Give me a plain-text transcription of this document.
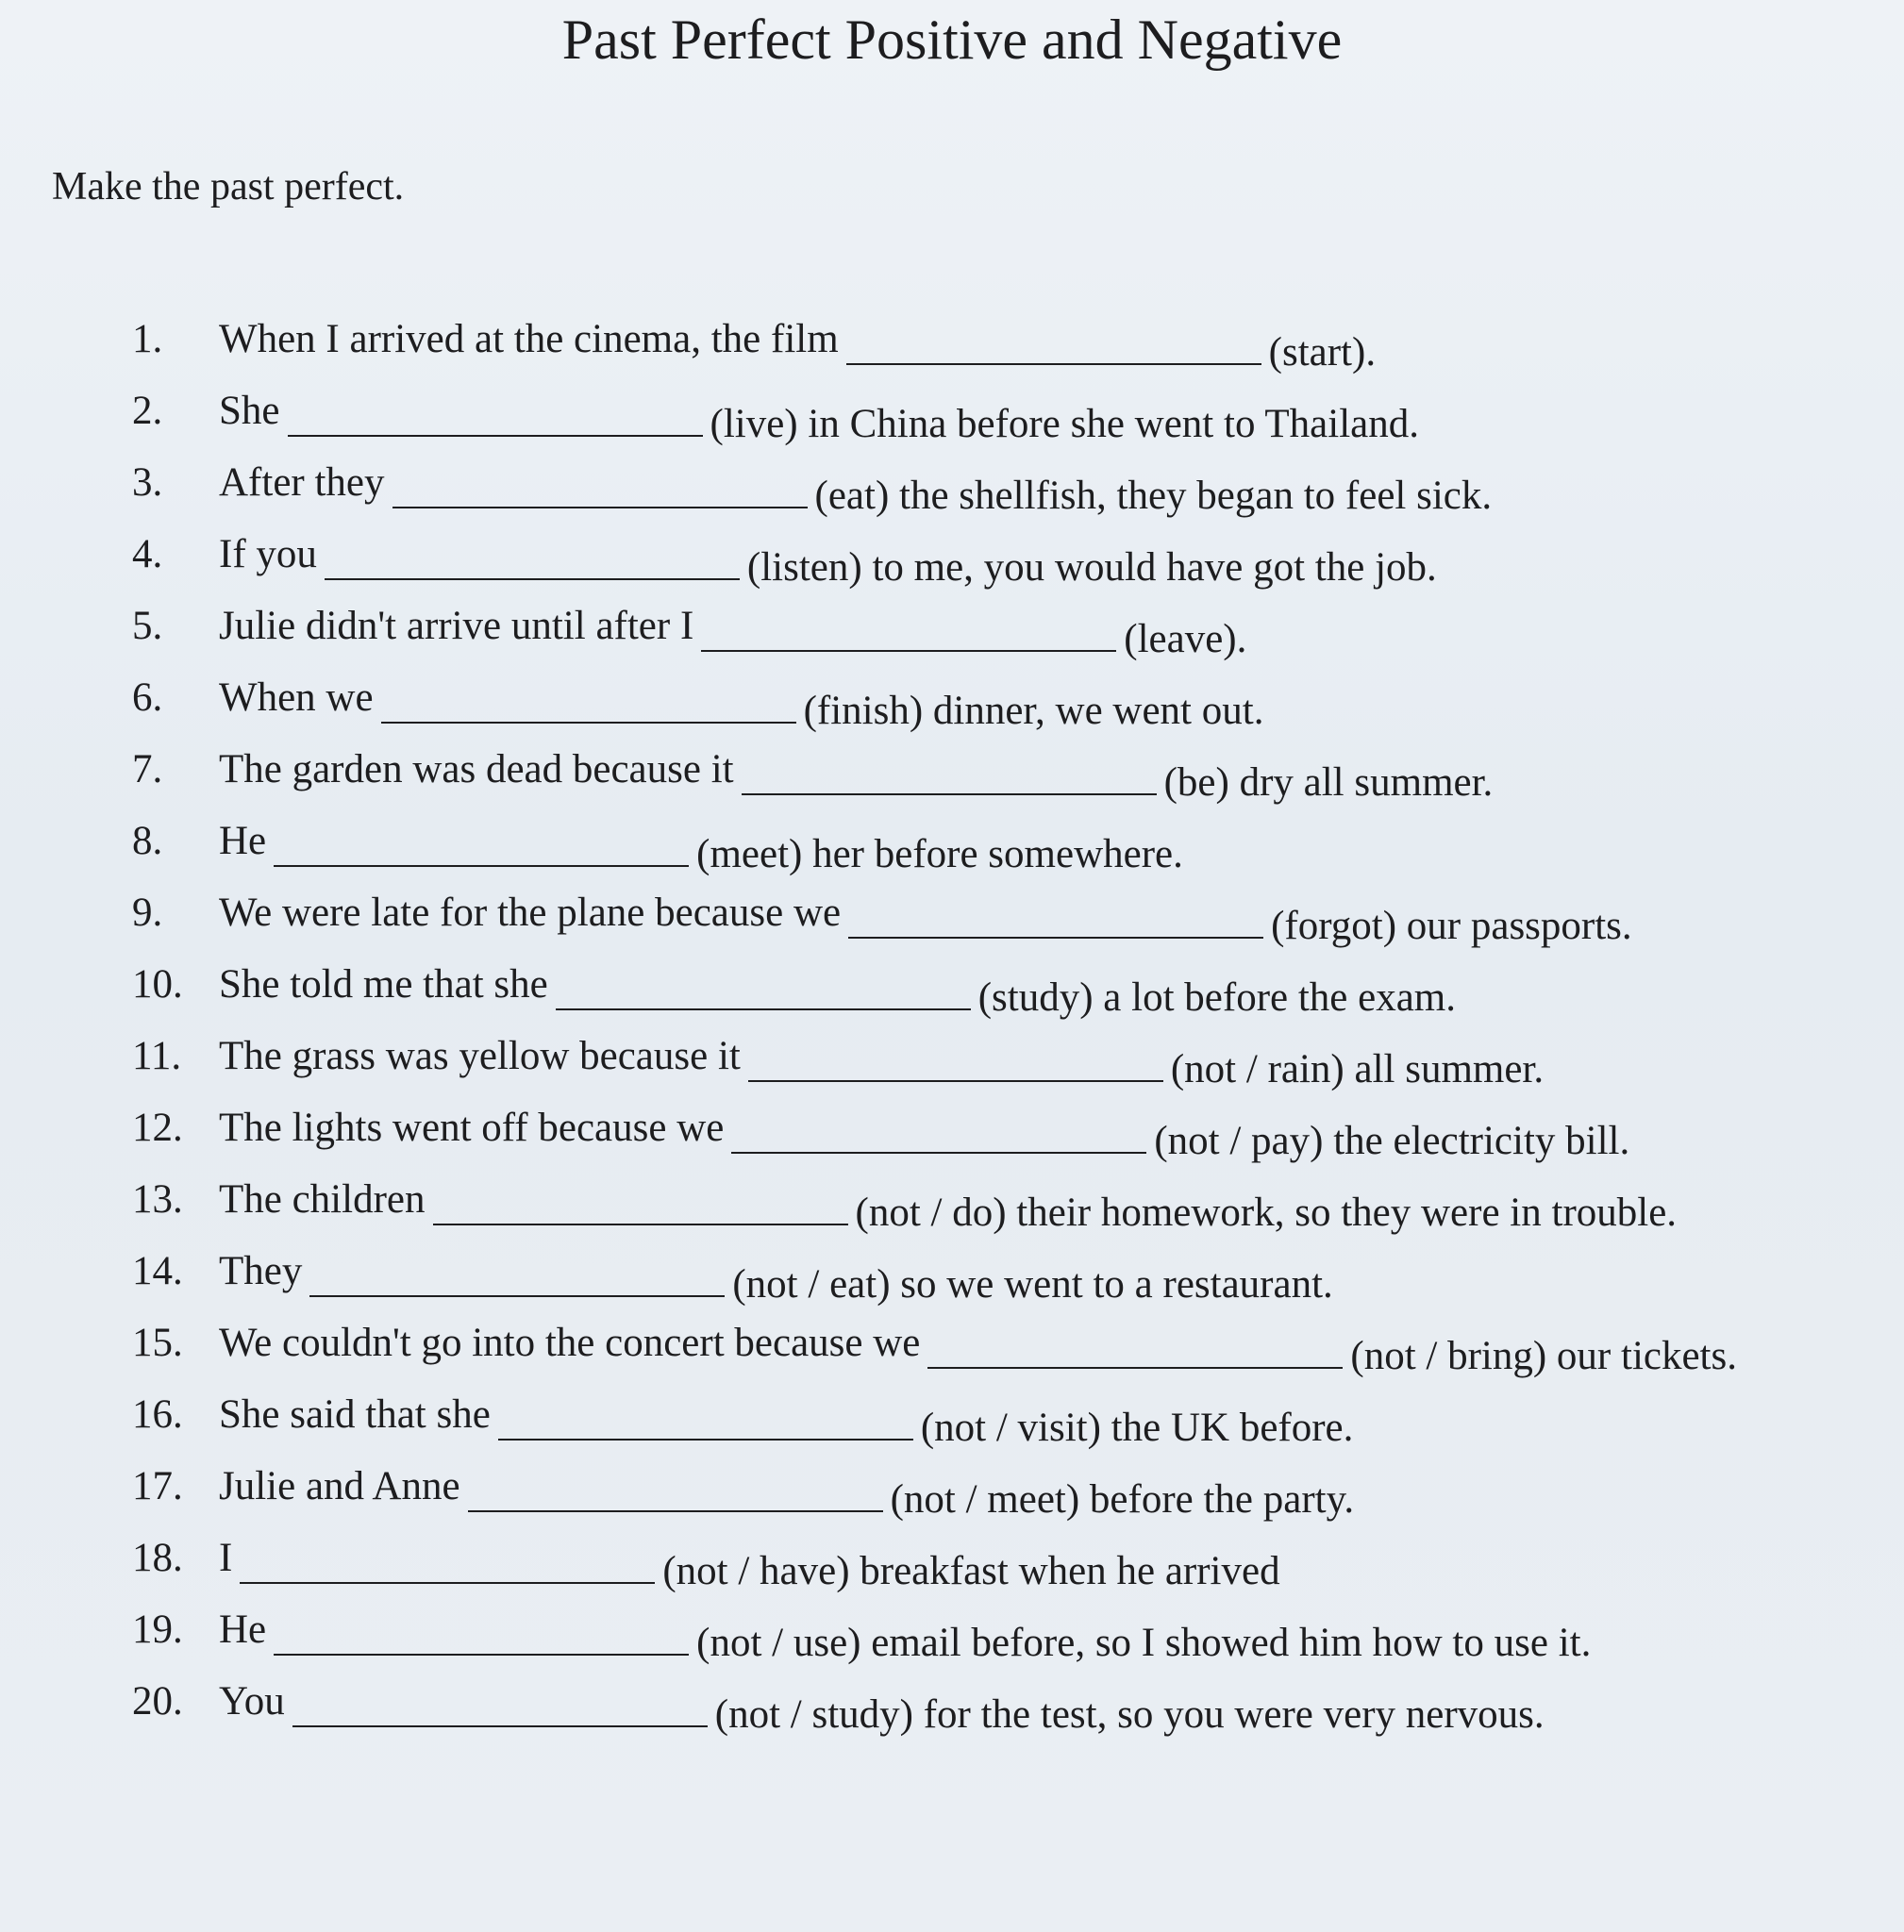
Past Perfect Positive and Negative
Make the past perfect.
1. When I arrived at the cinema, the film	(start).
2. She	(live) in China before she went to Thailand.
3. After they	(eat) the shellfish, they began to feel sick.
4. If you	(listen) to me, you would have got the job.
5. Julie didn't arrive until after I	(leave).
6. When we	(finish) dinner, we went out.
7. The garden was dead because it	(be) dry all summer.
8. He	(meet) her before somewhere.
9. We were late for the plane because we	(forgot) our passports.
10. She told me that she	(study) a lot before the exam.
11. The grass was yellow because it	(not / rain) all summer.
12. The lights went off because we	(not / pay) the electricity bill.
13. The children	(not / do) their homework, so they were in trouble.
14. They	(not / eat) so we went to a restaurant.
15. We couldn't go into the concert because we	(not / bring) our tickets.
16. She said that she	(not / visit) the UK before.
17. Julie and Anne	(not / meet) before the party.
18. I	(not / have) breakfast when he arrived
19. He	(not / use) email before, so I showed him how to use it.
20. You	(not / study) for the test, so you were very nervous.
